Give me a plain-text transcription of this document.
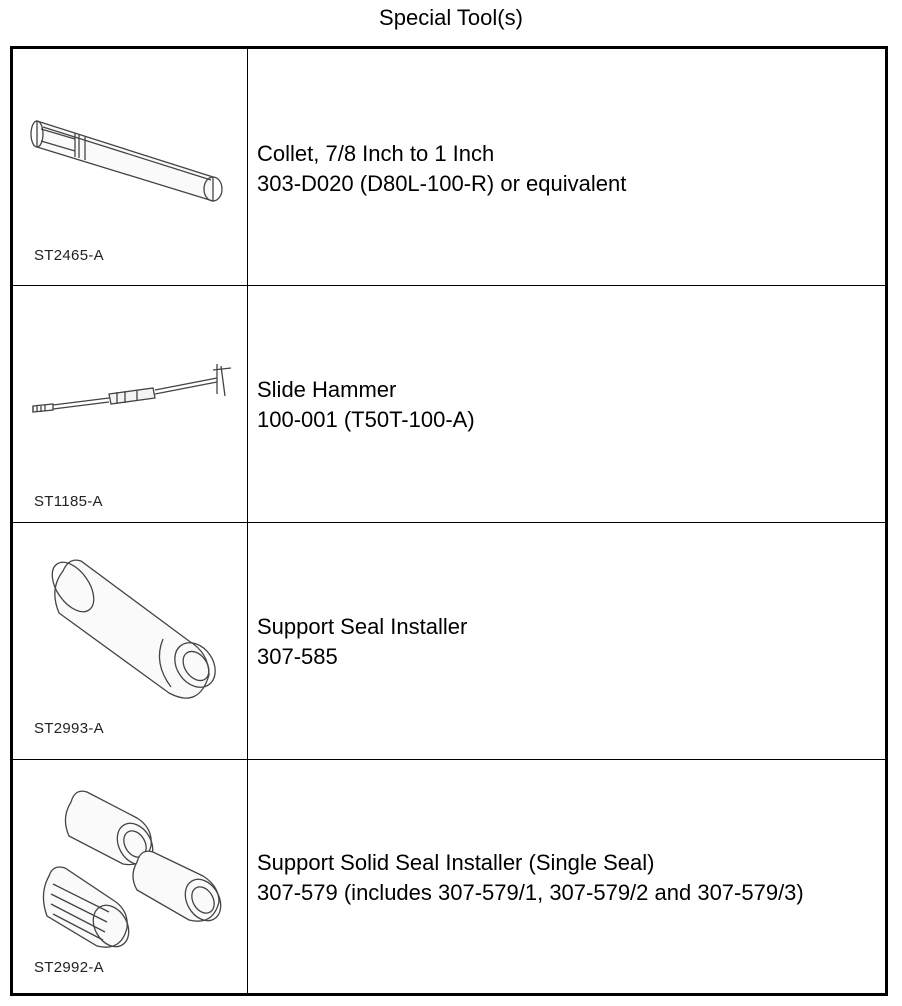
Special Tool(s)
ST2465-A
Collet, 7/8 Inch to 1 Inch
303-D020 (D80L-100-R) or equivalent
ST1185-A
Slide Hammer
100-001 (T50T-100-A)
ST2993-A
Support Seal Installer
307-585
ST2992-A
Support Solid Seal Installer (Single Seal)
307-579 (includes 307-579/1, 307-579/2 and 307-579/3)
